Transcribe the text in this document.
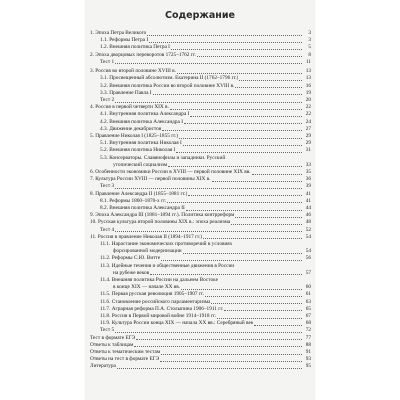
Содержание
1. Эпоха Петра Великого	3
1.1. Реформы Петра I	3
1.2. Внешняя политика Петра I	5
2. Эпоха дворцовых переворотов 1725–1762 гг.	8
Тест 1	11
3. Россия во второй половине XVIII в.	13
3.1. Просвещенный абсолютизм. Екатерина II (1762–1796 гг.)	13
3.2. Внешняя политика России во второй половине XVIII в.	16
3.3. Правление Павла I	19
Тест 2	20
4. Россия в первой четверти XIX в.	22
4.1. Внутренняя политика Александра I	22
4.2. Внешняя политика Александра I	24
4.3. Движение декабристов	27
5. Правление Николая I (1825–1855 гг.)	29
5.1. Внутренняя политика Николая I	29
5.2. Внешняя политика Николая I	31
5.3. Консерваторы. Славянофилы и западники. Русский
утопический социализм	33
6. Особенности экономики России в XVIII — первой половине XIX вв.	35
7. Культура России XVIII — первой половины XIX в.	36
Тест 3	39
8. Правление Александра II (1855–1881 гг.)	41
8.1. Реформы 1860–1870-х гг.	41
8.2. Внешняя политика Александра II	44
9. Эпоха Александра III (1881–1894 гг.). Политика контрреформ	46
10. Русская культура второй половины XIX в.: эпоха реализма	48
Тест 4	52
11. Россия в правление Николая II (1894–1917 гг.)	54
11.1. Нарастание экономических противоречий в условиях
форсированной модернизации	54
11.2. Реформы С.Ю. Витте	56
11.3. Идейные течения и общественные движения в России
на рубеже веков	57
11.4. Внешняя политика России на дальнем Востоке
в конце XIX — начале XX вв.	60
11.5. Первая русская революция 1905–1907 гг.	61
11.6. Становление российского парламентаризма	63
11.7. Аграрная реформа П.А. Столыпина 1906–1911 гг.	65
11.8. Россия в Первой мировой войне 1914–1918 гг.	67
11.9. Культура России конца XIX — начала XX вв.: Серебряный век	68
Тест 5	72
Тест в формате ЕГЭ	77
Ответы к таблицам	88
Ответы к тематическим тестам	91
Ответы на тест в формате ЕГЭ	93
Литература	95
